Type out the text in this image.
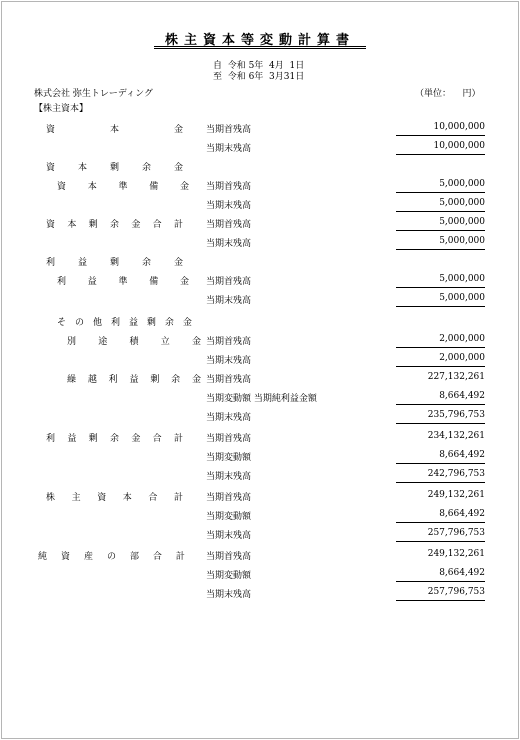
株主資本等変動計算書
自  令和 5年  4月  1日
至  令和 6年  3月31日
株式会社 弥生トレーディング	（単位：    円）
【株主資本】
資	本	金	当期首残高	10,000,000
当期末残高	10,000,000
資	本	剰	余	金
資 本 準 備 金 当期首残高	5,000,000
当期末残高	5,000,000
資 本 剰 余 金 合 計	当期首残高	5,000,000
当期末残高	5,000,000
利	益	剰	余	金
利 益 準 備 金 当期首残高	5,000,000
当期末残高	5,000,000
そ の 他 利 益 剰 余 金
別 途 積 立 金 当期首残高	2,000,000
当期末残高	2,000,000
繰 越 利 益 剰 余 金 当期首残高	227,132,261
当期変動額 当期純利益金額	8,664,492
当期末残高	235,796,753
利 益 剰 余 金 合 計	当期首残高	234,132,261
当期変動額	8,664,492
当期末残高	242,796,753
株 主 資 本 合 計	当期首残高	249,132,261
当期変動額	8,664,492
当期末残高	257,796,753
純 資 産 の 部 合 計 当期首残高	249,132,261
当期変動額	8,664,492
当期末残高	257,796,753
